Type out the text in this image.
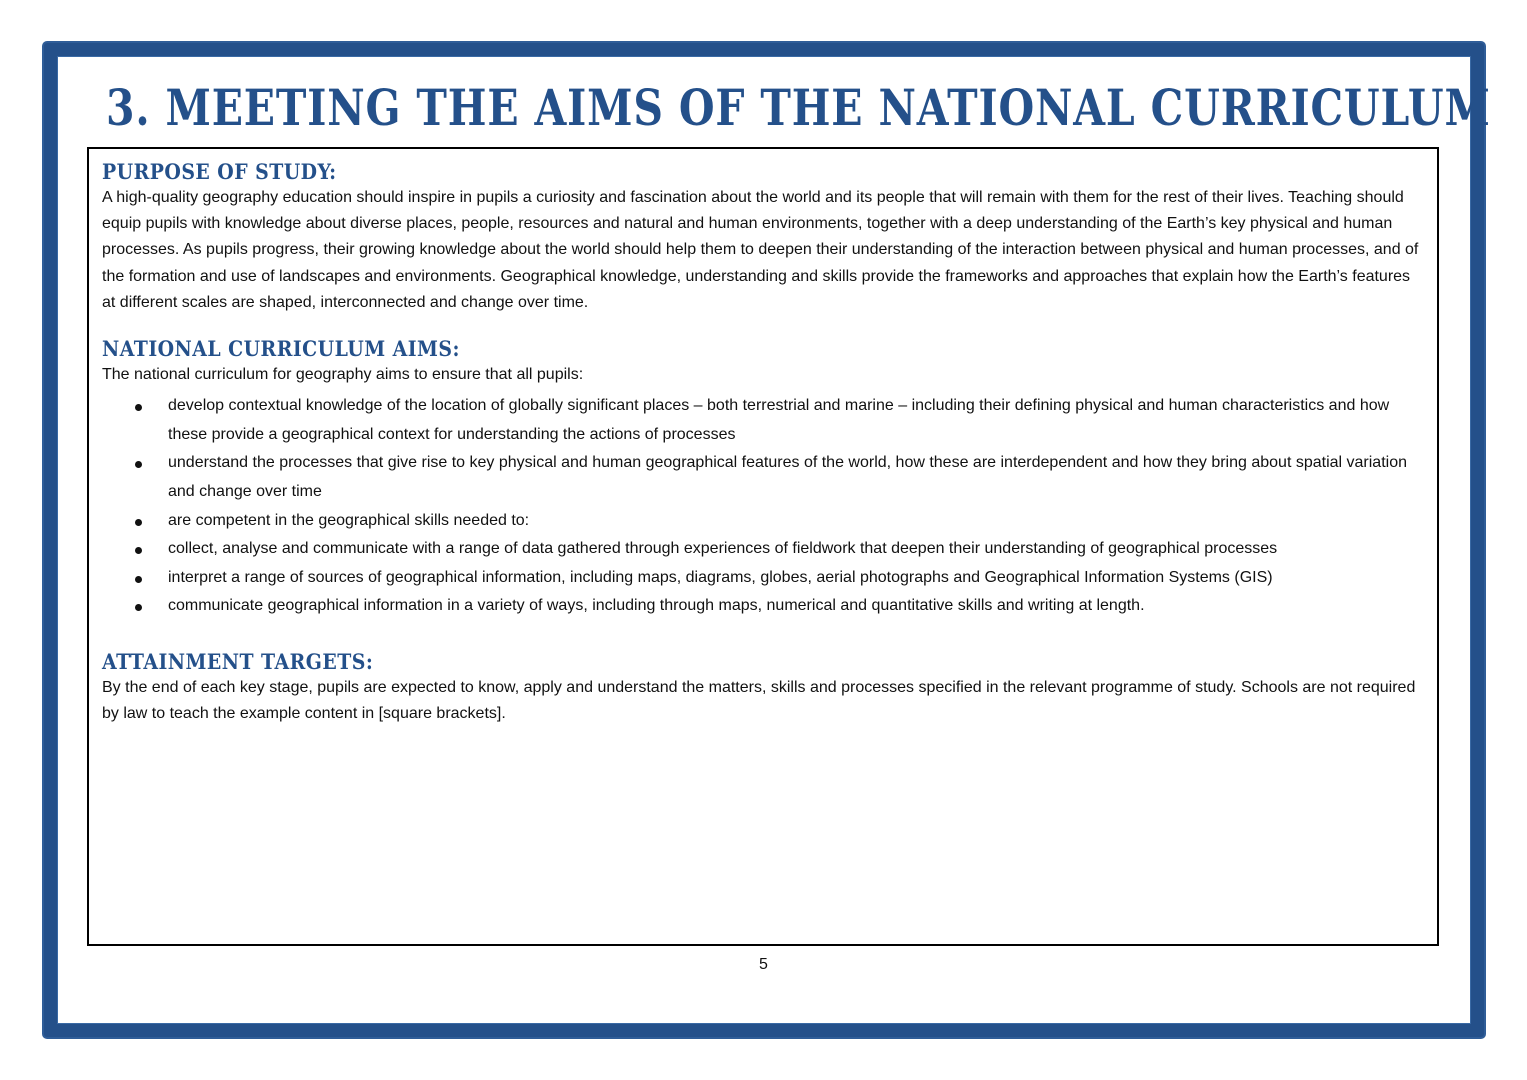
3. MEETING THE AIMS OF THE NATIONAL CURRICULUM
PURPOSE OF STUDY:

A high-quality geography education should inspire in pupils a curiosity and fascination about the world and its people that will remain with them for the rest of their lives. Teaching should equip pupils with knowledge about diverse places, people, resources and natural and human environments, together with a deep understanding of the Earth’s key physical and human processes. As pupils progress, their growing knowledge about the world should help them to deepen their understanding of the interaction between physical and human processes, and of the formation and use of landscapes and environments. Geographical knowledge, understanding and skills provide the frameworks and approaches that explain how the Earth’s features at different scales are shaped, interconnected and change over time.

NATIONAL CURRICULUM AIMS:

The national curriculum for geography aims to ensure that all pupils:

develop contextual knowledge of the location of globally significant places – both terrestrial and marine – including their defining physical and human characteristics and how these provide a geographical context for understanding the actions of processes
understand the processes that give rise to key physical and human geographical features of the world, how these are interdependent and how they bring about spatial variation and change over time
are competent in the geographical skills needed to:
collect, analyse and communicate with a range of data gathered through experiences of fieldwork that deepen their understanding of geographical processes
interpret a range of sources of geographical information, including maps, diagrams, globes, aerial photographs and Geographical Information Systems (GIS)
communicate geographical information in a variety of ways, including through maps, numerical and quantitative skills and writing at length.
ATTAINMENT TARGETS:

By the end of each key stage, pupils are expected to know, apply and understand the matters, skills and processes specified in the relevant programme of study. Schools are not required by law to teach the example content in [square brackets].

5
